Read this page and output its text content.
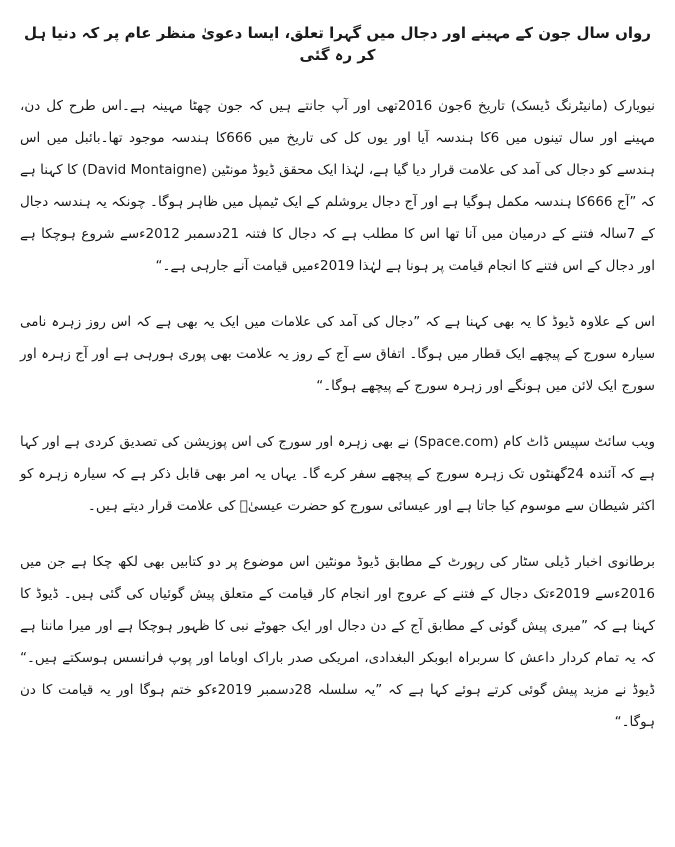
رواں سال جون کے مہینے اور دجال میں گہرا تعلق، ایسا دعویٰ منظر عام پر کہ دنیا ہل کر رہ گئی

نیویارک (مانیٹرنگ ڈیسک) تاریخ 6جون 2016تھی اور آپ جانتے ہیں کہ جون چھٹا مہینہ ہے۔اس طرح کل دن، مہینے اور سال تینوں میں 6کا ہندسہ آیا اور یوں کل کی تاریخ میں 666کا ہندسہ موجود تھا۔بائبل میں اس ہندسے کو دجال کی آمد کی علامت قرار دیا گیا ہے، لہٰذا ایک محقق ڈیوڈ مونٹین (David Montaigne) کا کہنا ہے کہ ”آج 666کا ہندسہ مکمل ہوگیا ہے اور آج دجال یروشلم کے ایک ٹیمپل میں ظاہر ہوگا۔ چونکہ یہ ہندسہ دجال کے 7سالہ فتنے کے درمیان میں آنا تھا اس کا مطلب ہے کہ دجال کا فتنہ 21دسمبر 2012ءسے شروع ہوچکا ہے اور دجال کے اس فتنے کا انجام قیامت پر ہونا ہے لہٰذا 2019ءمیں قیامت آنے جارہی ہے۔“

اس کے علاوہ ڈیوڈ کا یہ بھی کہنا ہے کہ ”دجال کی آمد کی علامات میں ایک یہ بھی ہے کہ اس روز زہرہ نامی سیارہ سورج کے پیچھے ایک قطار میں ہوگا۔ اتفاق سے آج کے روز یہ علامت بھی پوری ہورہی ہے اور آج زہرہ اور سورج ایک لائن میں ہونگے اور زہرہ سورج کے پیچھے ہوگا۔“

ویب سائٹ سپیس ڈاٹ کام (Space.com) نے بھی زہرہ اور سورج کی اس پوزیشن کی تصدیق کردی ہے اور کہا ہے کہ آئندہ 24گھنٹوں تک زہرہ سورج کے پیچھے سفر کرے گا۔ یہاں یہ امر بھی قابل ذکر ہے کہ سیارہ زہرہ کو اکثر شیطان سے موسوم کیا جاتا ہے اور عیسائی سورج کو حضرت عیسیٰؑ کی علامت قرار دیتے ہیں۔

برطانوی اخبار ڈیلی سٹار کی رپورٹ کے مطابق ڈیوڈ مونٹین اس موضوع پر دو کتابیں بھی لکھ چکا ہے جن میں 2016ءسے 2019ءتک دجال کے فتنے کے عروج اور انجام کار قیامت کے متعلق پیش گوئیاں کی گئی ہیں۔ ڈیوڈ کا کہنا ہے کہ ”میری پیش گوئی کے مطابق آج کے دن دجال اور ایک جھوٹے نبی کا ظہور ہوچکا ہے اور میرا ماننا ہے کہ یہ تمام کردار داعش کا سربراہ ابوبکر البغدادی، امریکی صدر باراک اوباما اور پوپ فرانسس ہوسکتے ہیں۔“ ڈیوڈ نے مزید پیش گوئی کرتے ہوئے کہا ہے کہ ”یہ سلسلہ 28دسمبر 2019ءکو ختم ہوگا اور یہ قیامت کا دن ہوگا۔“
